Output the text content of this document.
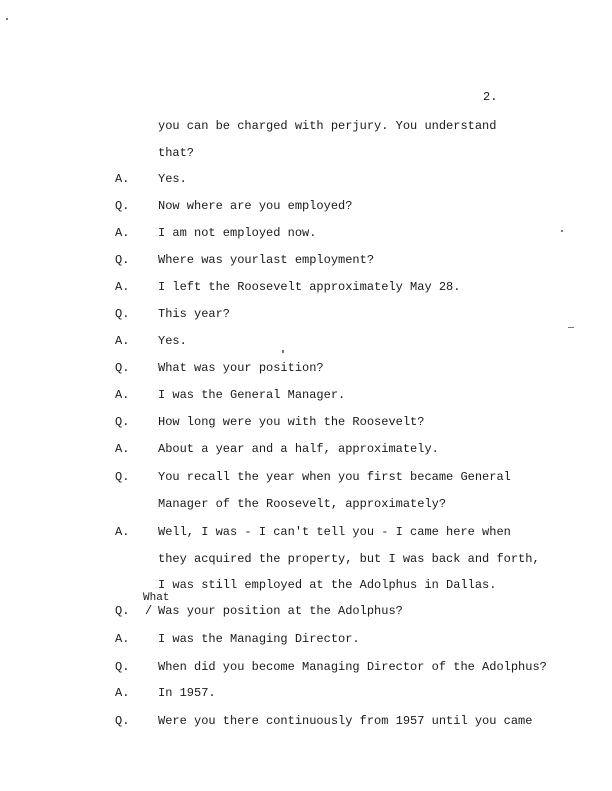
2.
you can be charged with perjury. You understand
that?
A. Yes.
Q. Now where are you employed?
A. I am not employed now.
Q. Where was yourlast employment?
A. I left the Roosevelt approximately May 28.
Q. This year?
A. Yes.
Q. What was your position?
A. I was the General Manager.
Q. How long were you with the Roosevelt?
A. About a year and a half, approximately.
Q. You recall the year when you first became General
Manager of the Roosevelt, approximately?
A. Well, I was - I can't tell you - I came here when
they acquired the property, but I was back and forth,
I was still employed at the Adolphus in Dallas.
What
Q. / Was your position at the Adolphus?
A. I was the Managing Director.
Q. When did you become Managing Director of the Adolphus?
A. In 1957.
Q. Were you there continuously from 1957 until you came
